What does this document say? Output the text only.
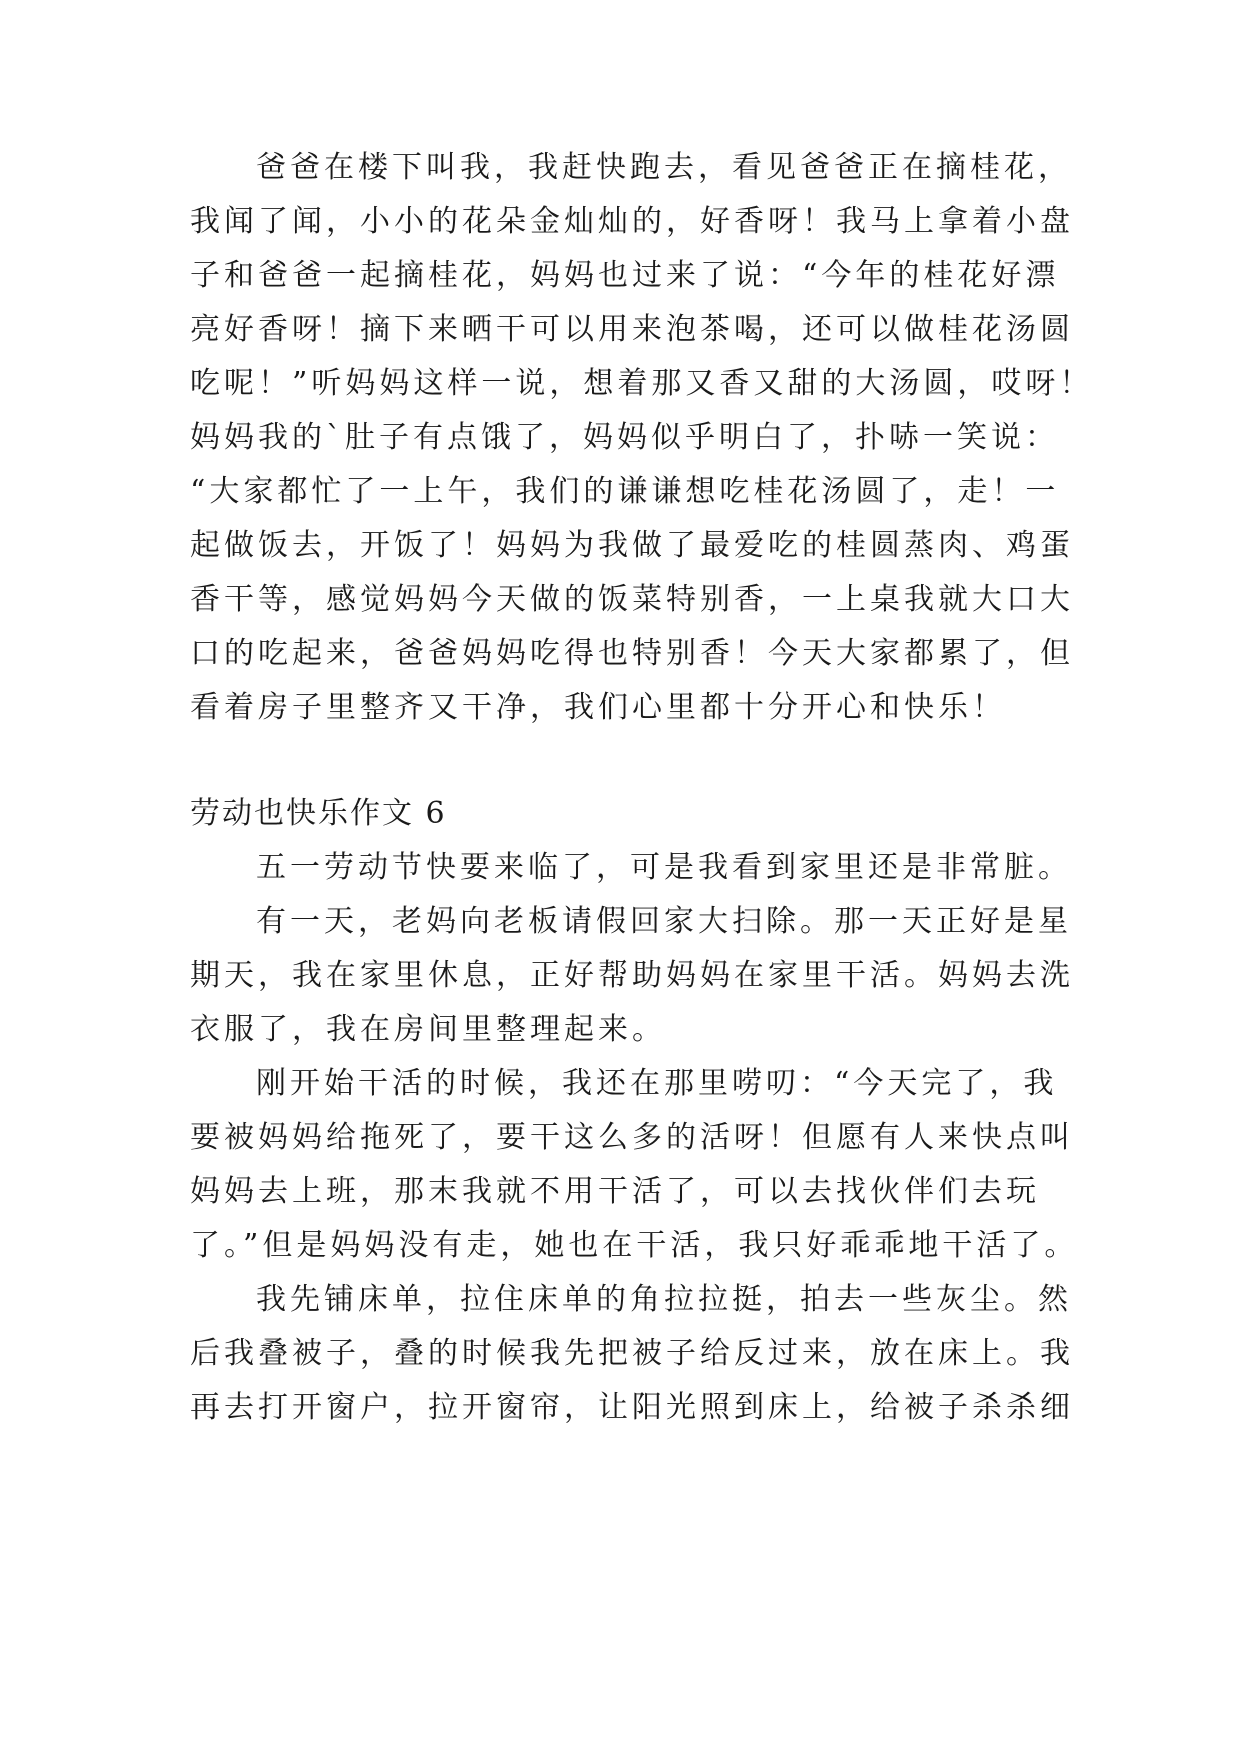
爸爸在楼下叫我，我赶快跑去，看见爸爸正在摘桂花，
我闻了闻，小小的花朵金灿灿的，好香呀！我马上拿着小盘
子和爸爸一起摘桂花，妈妈也过来了说：“今年的桂花好漂
亮好香呀！摘下来晒干可以用来泡茶喝，还可以做桂花汤圆
吃呢！”听妈妈这样一说，想着那又香又甜的大汤圆，哎呀！
妈妈我的`肚子有点饿了，妈妈似乎明白了，扑哧一笑说：
“大家都忙了一上午，我们的谦谦想吃桂花汤圆了，走！一
起做饭去，开饭了！妈妈为我做了最爱吃的桂圆蒸肉、鸡蛋
香干等，感觉妈妈今天做的饭菜特别香，一上桌我就大口大
口的吃起来，爸爸妈妈吃得也特别香！今天大家都累了，但
看着房子里整齐又干净，我们心里都十分开心和快乐！
劳动也快乐作文 6
五一劳动节快要来临了，可是我看到家里还是非常脏。
有一天，老妈向老板请假回家大扫除。那一天正好是星
期天，我在家里休息，正好帮助妈妈在家里干活。妈妈去洗
衣服了，我在房间里整理起来。
刚开始干活的时候，我还在那里唠叨：“今天完了，我
要被妈妈给拖死了，要干这么多的活呀！但愿有人来快点叫
妈妈去上班，那末我就不用干活了，可以去找伙伴们去玩
了。”但是妈妈没有走，她也在干活，我只好乖乖地干活了。
我先铺床单，拉住床单的角拉拉挺，拍去一些灰尘。然
后我叠被子，叠的时候我先把被子给反过来，放在床上。我
再去打开窗户，拉开窗帘，让阳光照到床上，给被子杀杀细
